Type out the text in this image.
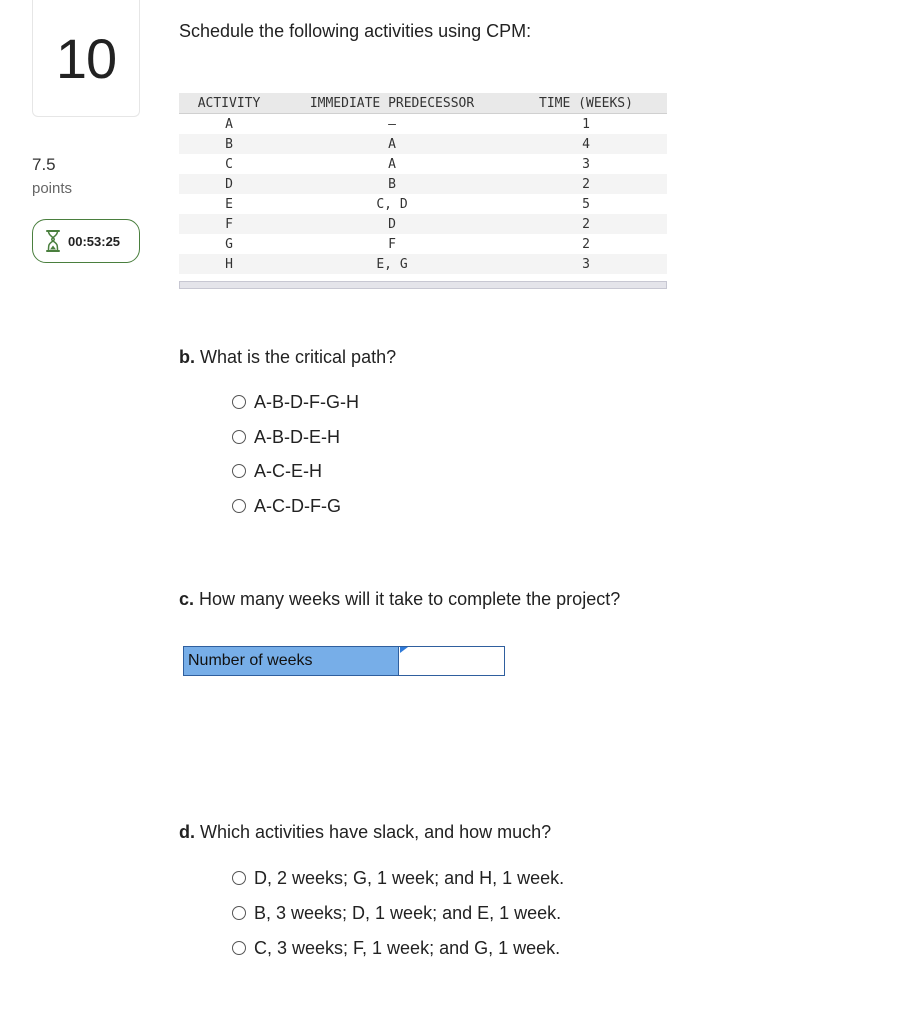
10
7.5
points
00:53:25
Schedule the following activities using CPM:
ACTIVITY	IMMEDIATE PREDECESSOR	TIME (WEEKS)
A	—	1
B	A	4
C	A	3
D	B	2
E	C, D	5
F	D	2
G	F	2
H	E, G	3
b. What is the critical path?
A-B-D-F-G-H
A-B-D-E-H
A-C-E-H
A-C-D-F-G
c. How many weeks will it take to complete the project?
Number of weeks
d. Which activities have slack, and how much?
D, 2 weeks; G, 1 week; and H, 1 week.
B, 3 weeks; D, 1 week; and E, 1 week.
C, 3 weeks; F, 1 week; and G, 1 week.
